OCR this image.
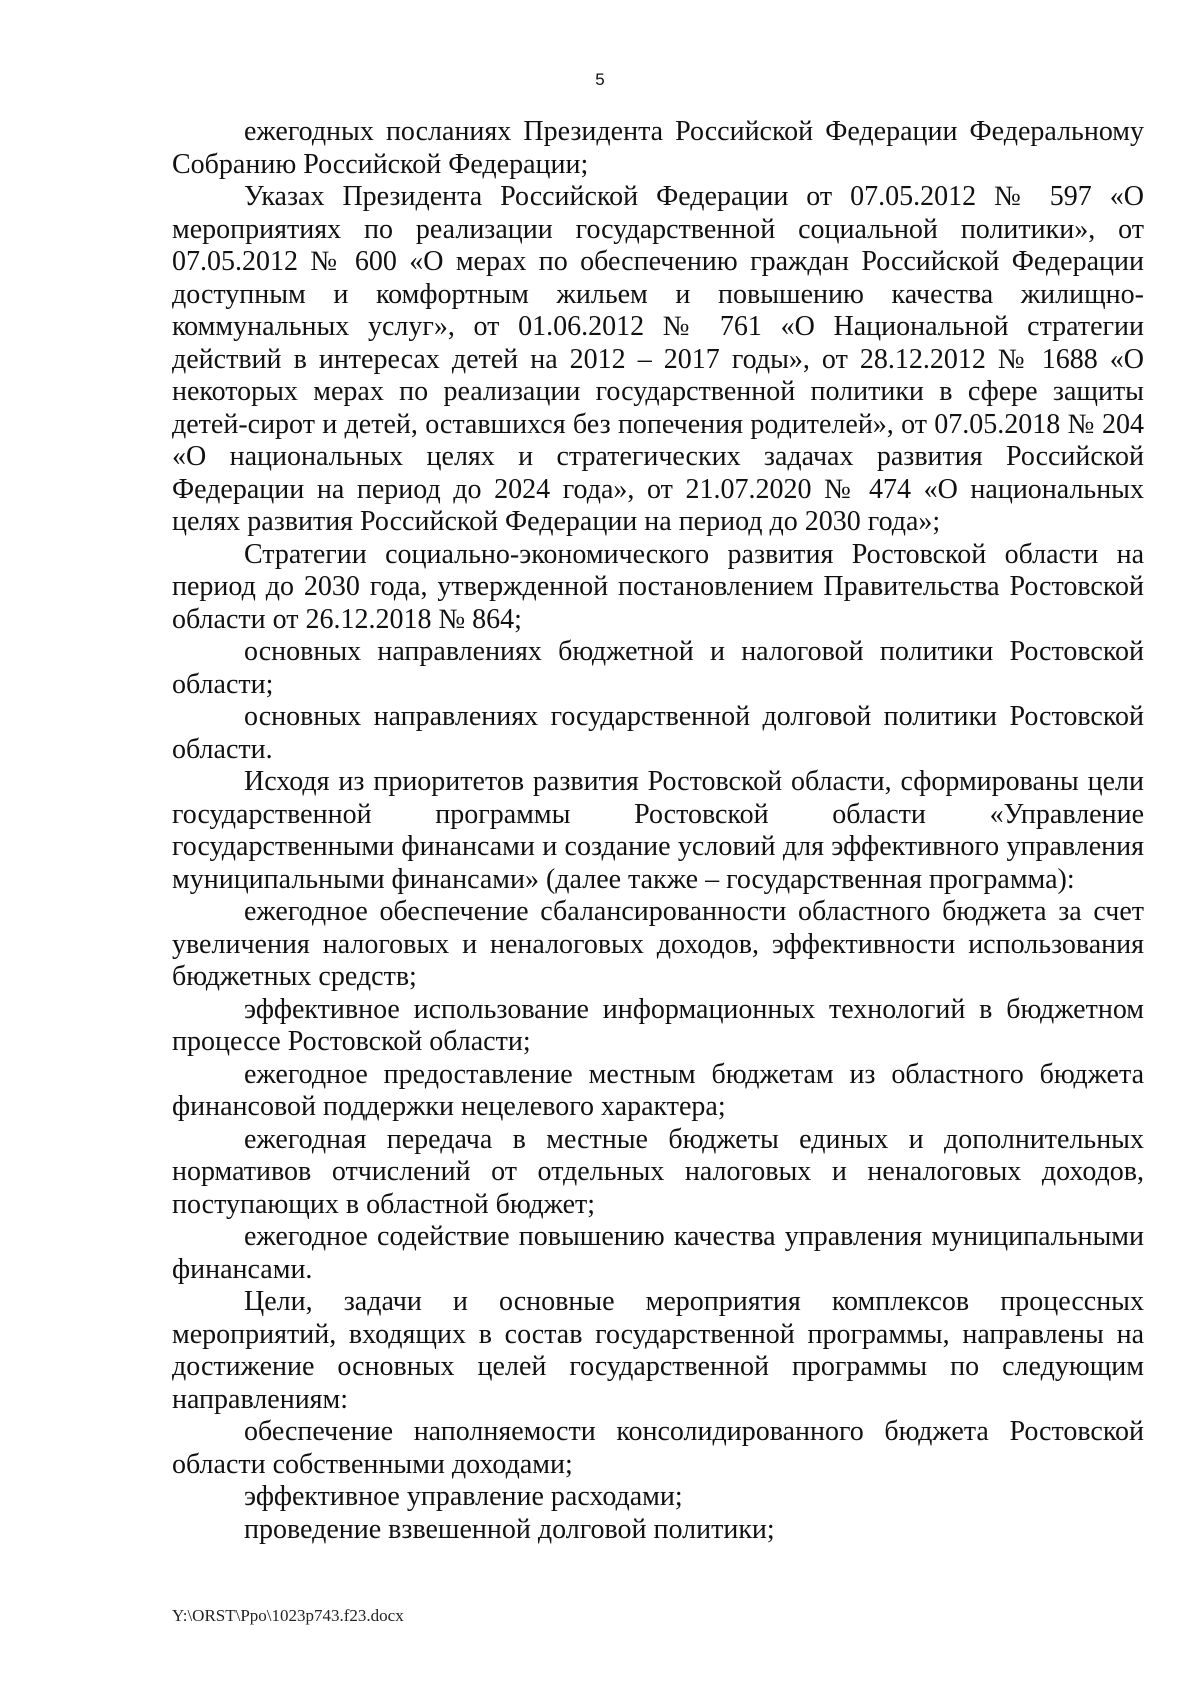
5

ежегодных посланиях Президента Российской Федерации Федеральному Собранию Российской Федерации;

Указах Президента Российской Федерации от 07.05.2012 № 597 «О мероприятиях по реализации государственной социальной политики», от 07.05.2012 № 600 «О мерах по обеспечению граждан Российской Федерации доступным и комфортным жильем и повышению качества жилищно-коммунальных услуг», от 01.06.2012 № 761 «О Национальной стратегии действий в интересах детей на 2012 – 2017 годы», от 28.12.2012 № 1688 «О некоторых мерах по реализации государственной политики в сфере защиты детей-сирот и детей, оставшихся без попечения родителей», от 07.05.2018 № 204 «О национальных целях и стратегических задачах развития Российской Федерации на период до 2024 года», от 21.07.2020 № 474 «О национальных целях развития Российской Федерации на период до 2030 года»;

Стратегии социально-экономического развития Ростовской области на период до 2030 года, утвержденной постановлением Правительства Ростовской области от 26.12.2018 № 864;

основных направлениях бюджетной и налоговой политики Ростовской области;

основных направлениях государственной долговой политики Ростовской области.

Исходя из приоритетов развития Ростовской области, сформированы цели государственной программы Ростовской области «Управление государственными финансами и создание условий для эффективного управления муниципальными финансами» (далее также – государственная программа):

ежегодное обеспечение сбалансированности областного бюджета за счет увеличения налоговых и неналоговых доходов, эффективности использования бюджетных средств;

эффективное использование информационных технологий в бюджетном процессе Ростовской области;

ежегодное предоставление местным бюджетам из областного бюджета финансовой поддержки нецелевого характера;

ежегодная передача в местные бюджеты единых и дополнительных нормативов отчислений от отдельных налоговых и неналоговых доходов, поступающих в областной бюджет;

ежегодное содействие повышению качества управления муниципальными финансами.

Цели, задачи и основные мероприятия комплексов процессных мероприятий, входящих в состав государственной программы, направлены на достижение основных целей государственной программы по следующим направлениям:

обеспечение наполняемости консолидированного бюджета Ростовской области собственными доходами;

эффективное управление расходами;

проведение взвешенной долговой политики;

Y:\ORST\Ppo\1023p743.f23.docx
